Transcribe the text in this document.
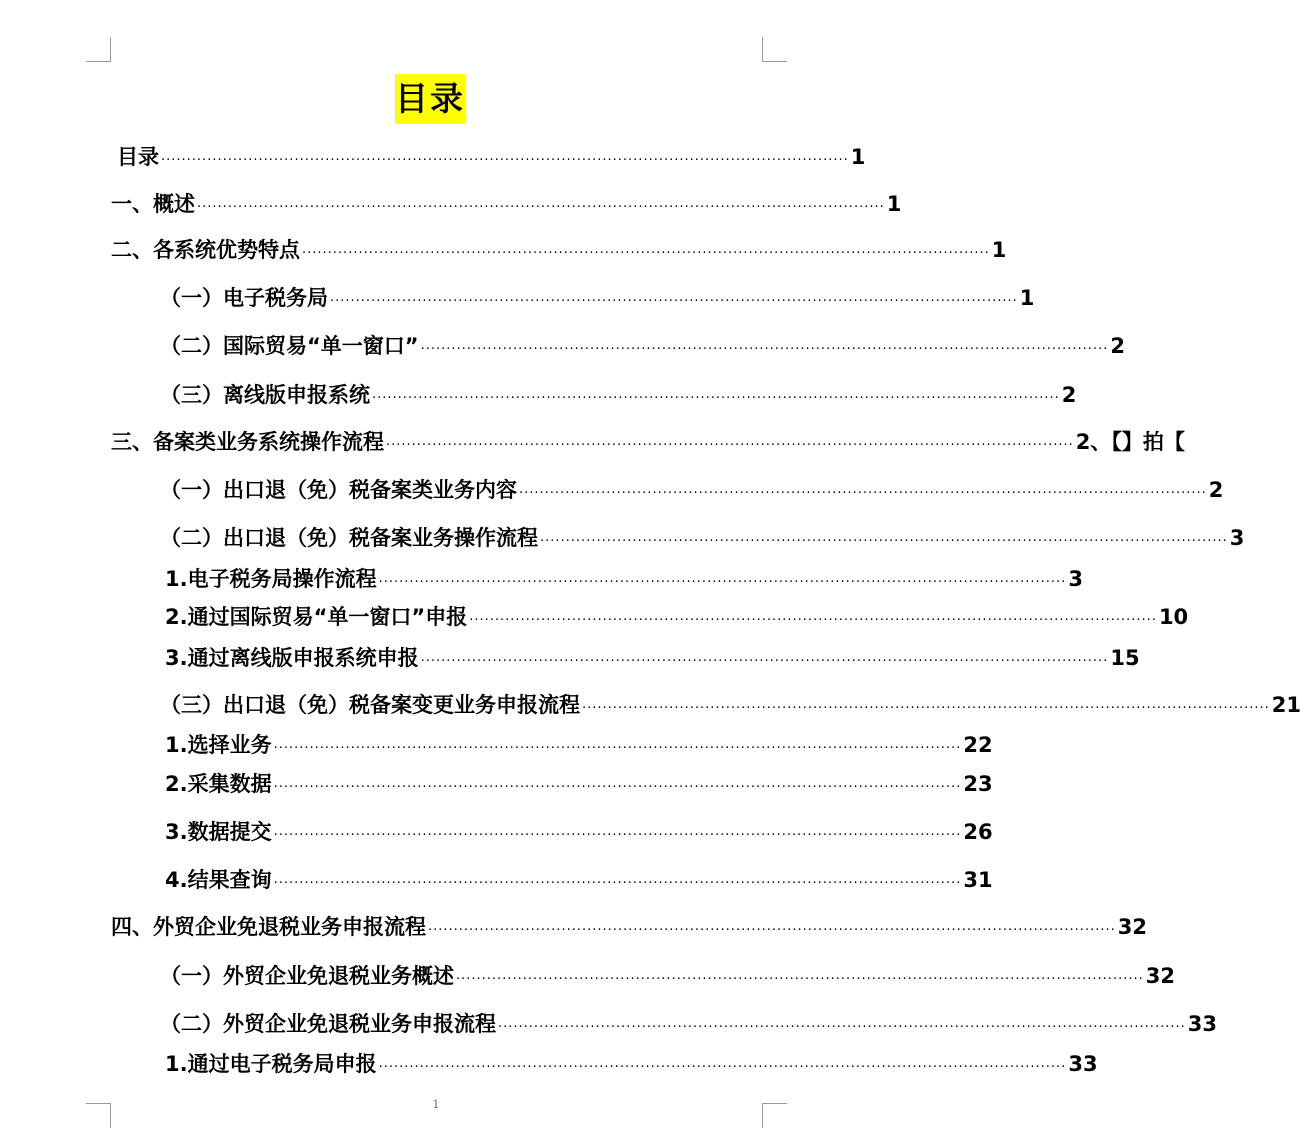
目录
目录 ······································································································································ 1
一、概述 ······································································································································ 1
二、各系统优势特点 ······································································································································ 1
（一）电子税务局 ······································································································································ 1
（二）国际贸易“单一窗口” ······································································································································ 2
（三）离线版申报系统 ······································································································································ 2
三、备案类业务系统操作流程 ······································································································································ 2、【】拍【
（一）出口退（免）税备案类业务内容 ······································································································································ 2
（二）出口退（免）税备案业务操作流程 ······································································································································ 3
1.电子税务局操作流程 ······································································································································ 3
2.通过国际贸易“单一窗口”申报 ······································································································································ 10
3.通过离线版申报系统申报 ······································································································································ 15
（三）出口退（免）税备案变更业务申报流程 ······································································································································ 21
1.选择业务 ······································································································································ 22
2.采集数据 ······································································································································ 23
3.数据提交 ······································································································································ 26
4.结果查询 ······································································································································ 31
四、外贸企业免退税业务申报流程 ······································································································································ 32
（一）外贸企业免退税业务概述 ······································································································································ 32
（二）外贸企业免退税业务申报流程 ······································································································································ 33
1.通过电子税务局申报 ······································································································································ 33
1
